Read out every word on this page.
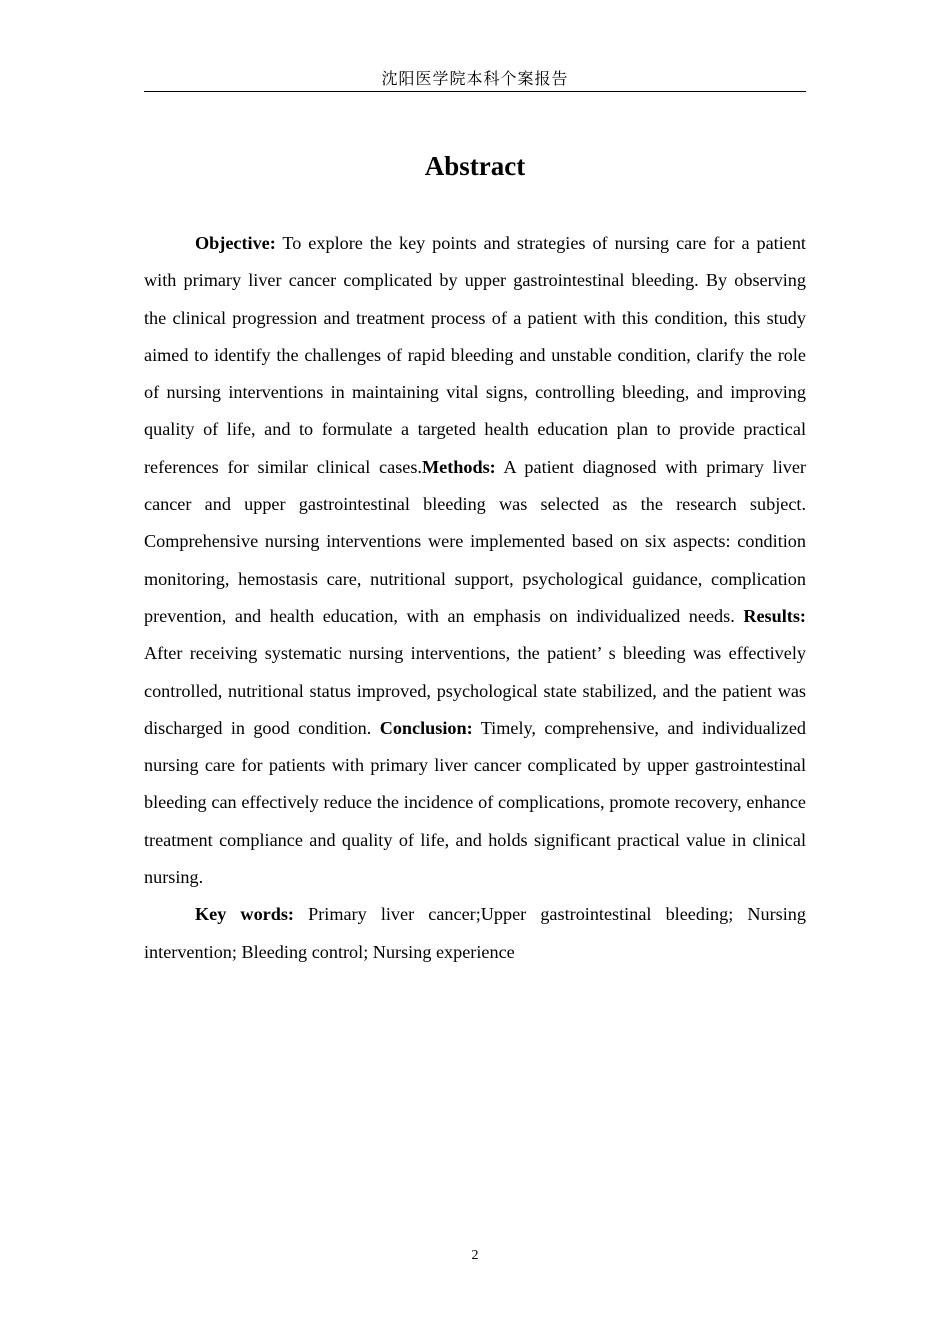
沈阳医学院本科个案报告
Abstract

Objective: To explore the key points and strategies of nursing care for a patient with primary liver cancer complicated by upper gastrointestinal bleeding. By observing the clinical progression and treatment process of a patient with this condition, this study aimed to identify the challenges of rapid bleeding and unstable condition, clarify the role of nursing interventions in maintaining vital signs, controlling bleeding, and improving quality of life, and to formulate a targeted health education plan to provide practical references for similar clinical cases.Methods: A patient diagnosed with primary liver cancer and upper gastrointestinal bleeding was selected as the research subject. Comprehensive nursing interventions were implemented based on six aspects: condition monitoring, hemostasis care, nutritional support, psychological guidance, complication prevention, and health education, with an emphasis on individualized needs. Results: After receiving systematic nursing interventions, the patient’ s bleeding was effectively controlled, nutritional status improved, psychological state stabilized, and the patient was discharged in good condition. Conclusion: Timely, comprehensive, and individualized nursing care for patients with primary liver cancer complicated by upper gastrointestinal bleeding can effectively reduce the incidence of complications, promote recovery, enhance treatment compliance and quality of life, and holds significant practical value in clinical nursing.

Key words: Primary liver cancer;Upper gastrointestinal bleeding; Nursing intervention; Bleeding control; Nursing experience

2
